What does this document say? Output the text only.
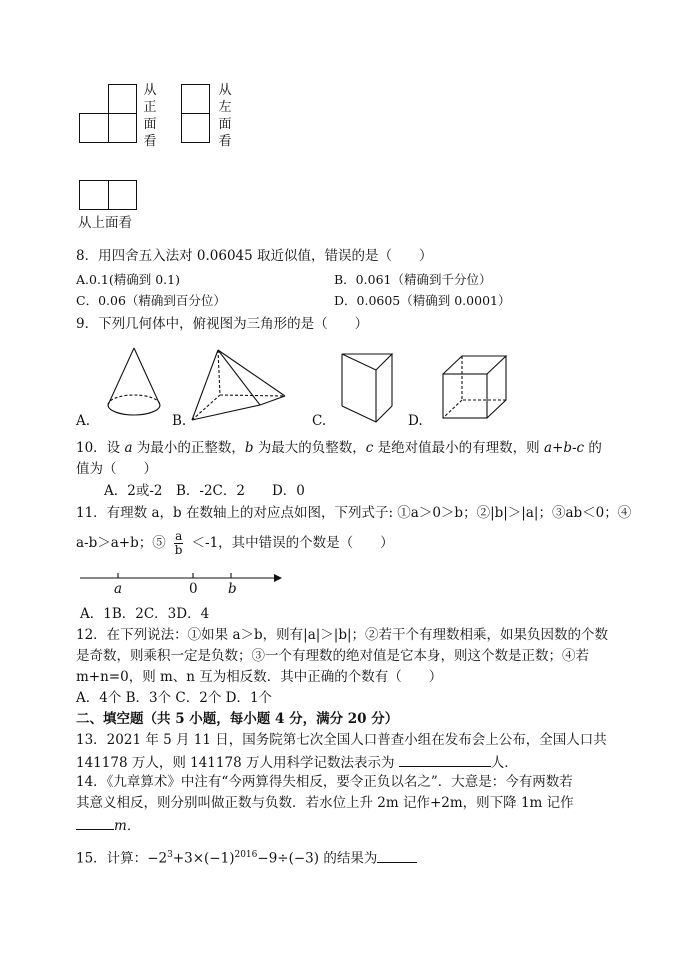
从
正
面
看
从
左
面
看
从上面看
8．用四舍五入法对 0.06045 取近似值，错误的是（　　）
A.0.1(精确到 0.1)	B．0.061（精确到千分位）
C．0.06（精确到百分位）	D．0.0605（精确到 0.0001）
9．下列几何体中，俯视图为三角形的是（　　）
A.	B.	C.	D.
10．设 a 为最小的正整数，b 为最大的负整数，c 是绝对值最小的有理数，则 a+b-c 的
值为（　　）
A．2或-2　B．-2C．2　　D．0
11．有理数 a，b 在数轴上的对应点如图，下列式子: ①a＞0＞b；②|b|＞|a|；③ab＜0；④
a-b＞a+b；⑤ $\frac{a}{b} <-1$，其中错误的个数是（　　）
a	0 b
A．1B．2C．3D．4
12．在下列说法：①如果 a＞b，则有|a|＞|b|；②若干个有理数相乘，如果负因数的个数
是奇数，则乘积一定是负数；③一个有理数的绝对值是它本身，则这个数是正数；④若
m+n=0，则 m、n 互为相反数．其中正确的个数有（　　）
A．4个 B．3个 C．2个 D．1个
二、填空题（共 5 小题，每小题 4 分，满分 20 分）
13．2021 年 5 月 11 日，国务院第七次全国人口普查小组在发布会上公布，全国人口共
141178 万人，则 141178 万人用科学记数法表示为	人．
14．《九章算术》中注有“今两算得失相反，要令正负以名之”．大意是：今有两数若
其意义相反，则分别叫做正数与负数．若水位上升 2m 记作+2m，则下降 1m 记作
m．
15．计算：$-2^3+3\times(-1)^{2016}-9\div(-3)$ 的结果为
